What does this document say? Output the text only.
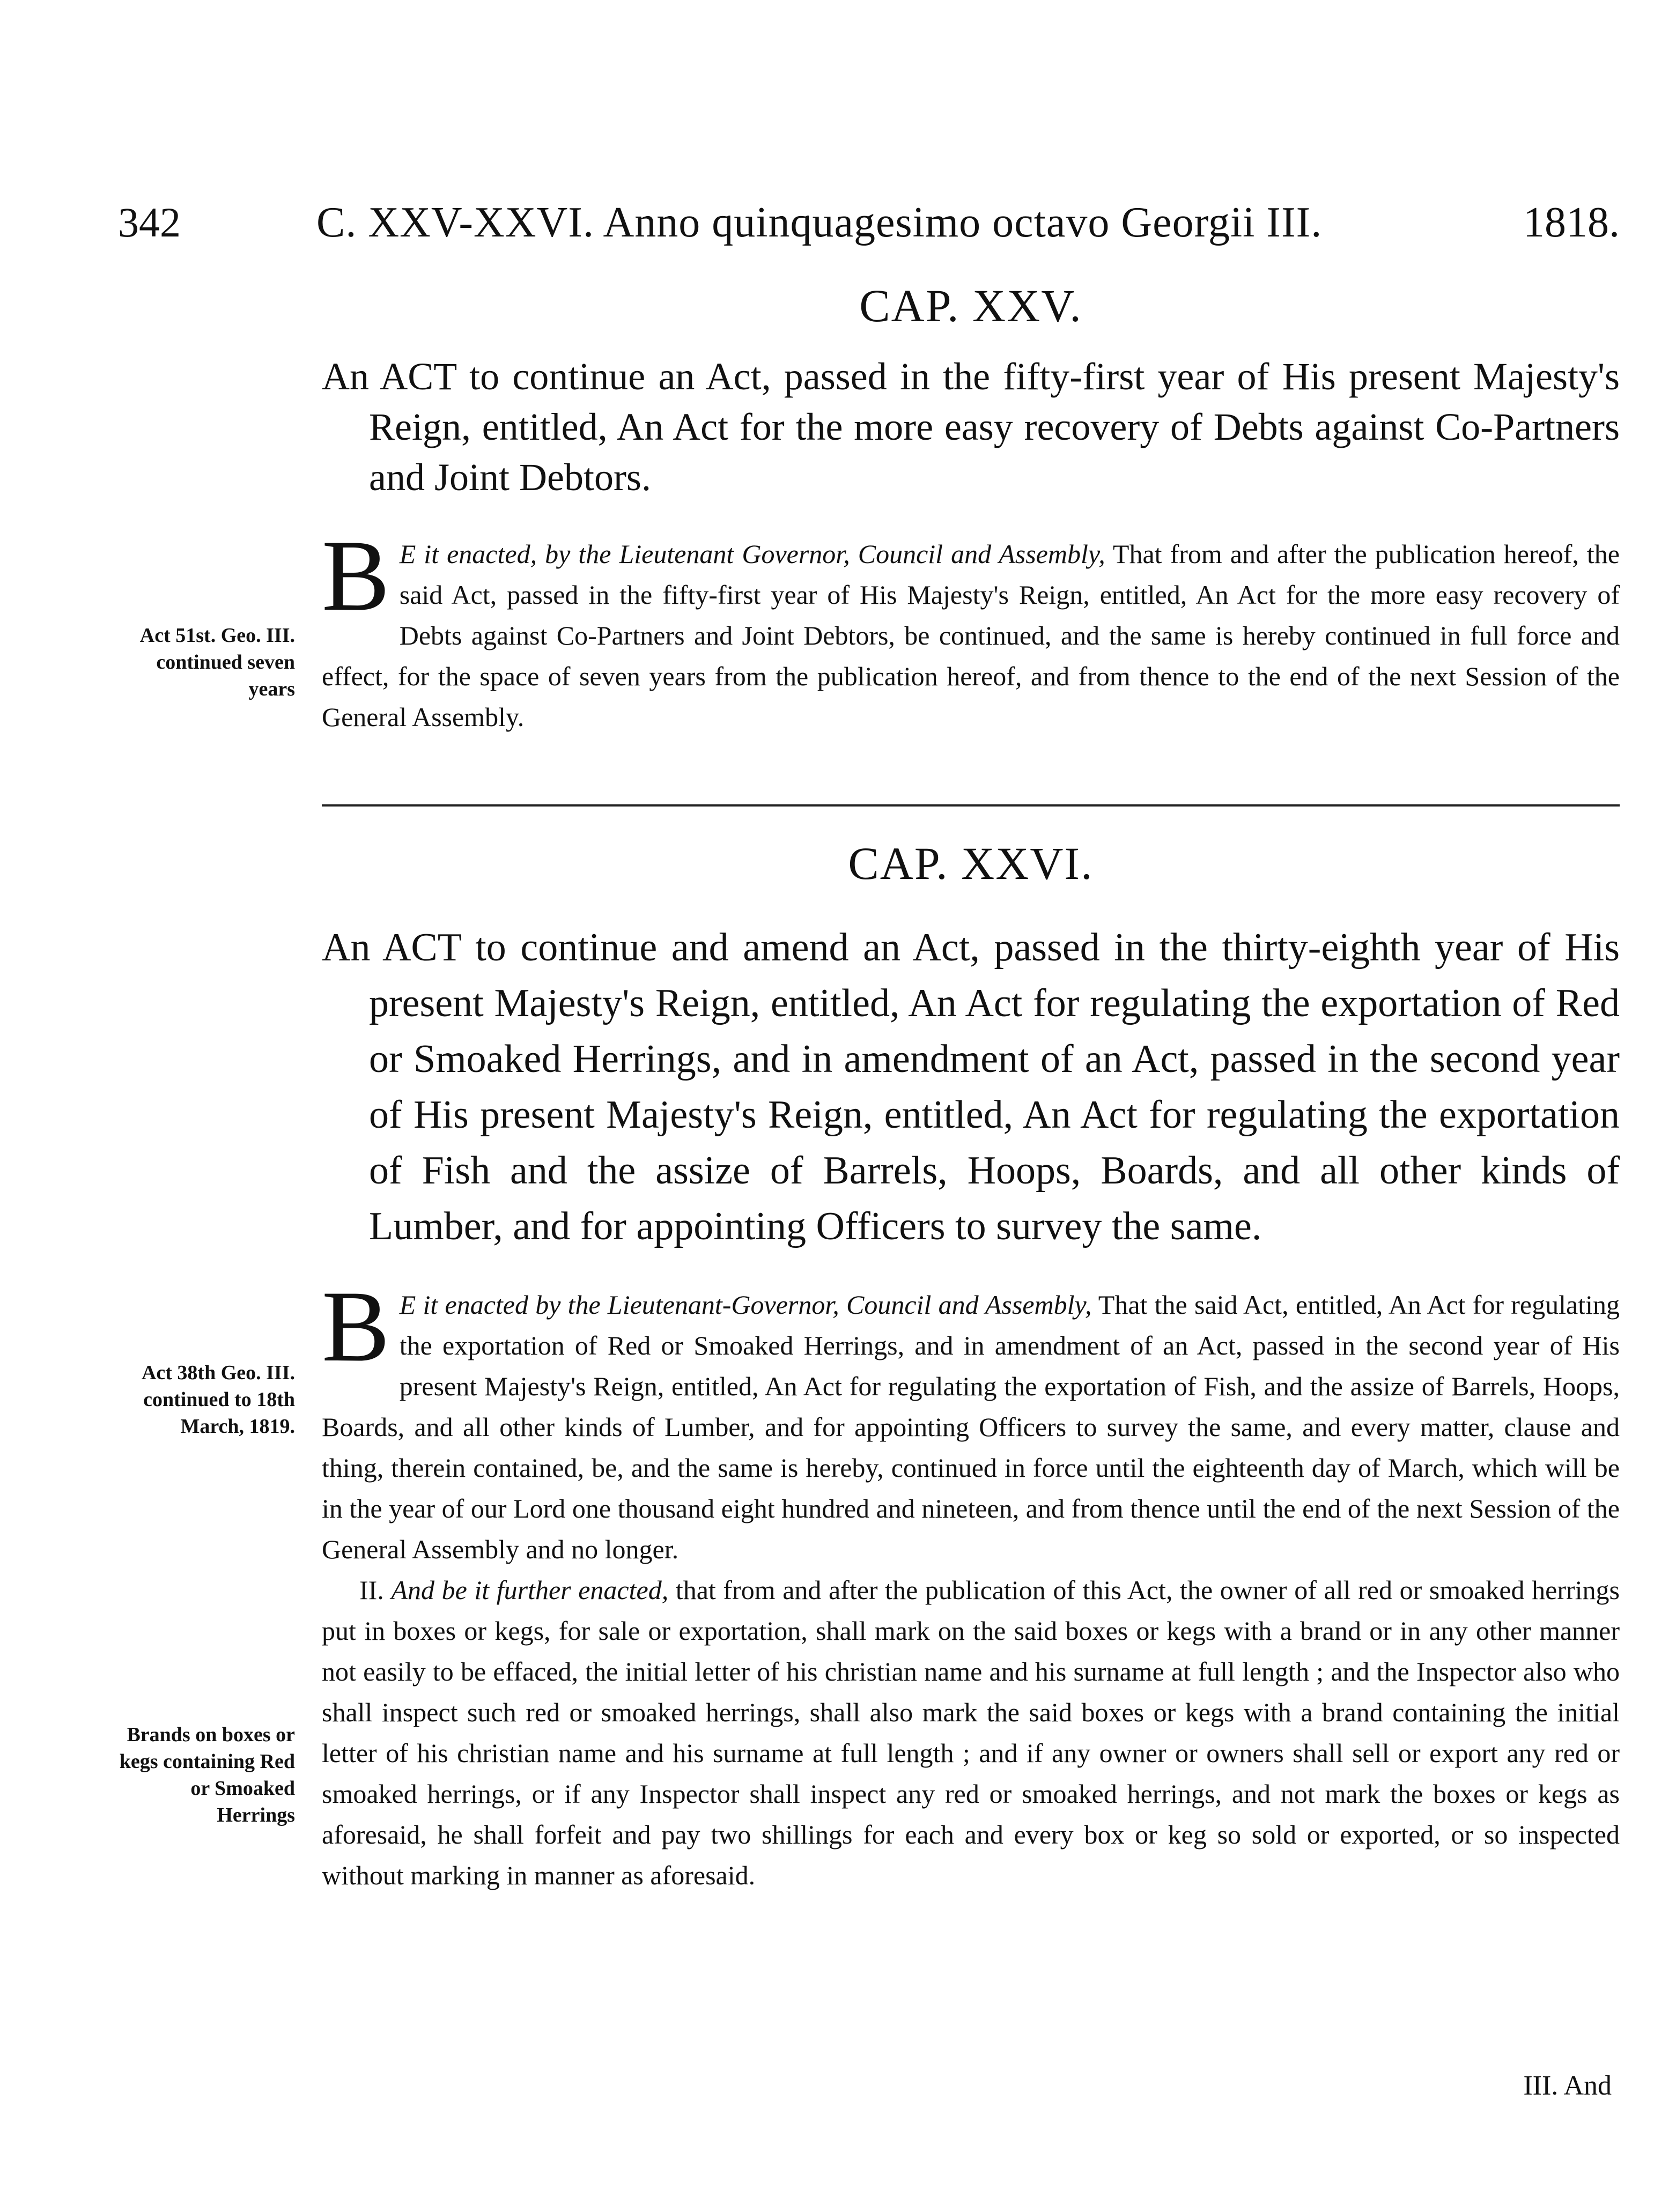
342	C. XXV-XXVI. Anno quinquagesimo octavo Georgii III.	1818.
CAP. XXV.
An ACT to continue an Act, passed in the fifty-first year of His present Majesty's Reign, entitled, An Act for the more easy recovery of Debts against Co-Partners and Joint Debtors.
B E it enacted, by the Lieutenant Governor, Council and Assembly, That from and after the publication hereof, the said Act, passed in the fifty-first year of His Majesty's Reign, entitled, An Act for the more easy recovery of Debts against Co-Partners and Joint Debtors, be continued, and the same is hereby continued in full force and effect, for the space of seven years from the publication hereof, and from thence to the end of the next Session of the General Assembly.
Act 51st. Geo. III. continued seven years
CAP. XXVI.
An ACT to continue and amend an Act, passed in the thirty-eighth year of His present Majesty's Reign, entitled, An Act for regulating the exportation of Red or Smoaked Herrings, and in amendment of an Act, passed in the second year of His present Majesty's Reign, entitled, An Act for regulating the exportation of Fish and the assize of Barrels, Hoops, Boards, and all other kinds of Lumber, and for appointing Officers to survey the same.
B E it enacted by the Lieutenant-Governor, Council and Assembly, That the said Act, entitled, An Act for regulating the exportation of Red or Smoaked Herrings, and in amendment of an Act, passed in the second year of His present Majesty's Reign, entitled, An Act for regulating the exportation of Fish, and the assize of Barrels, Hoops, Boards, and all other kinds of Lumber, and for appointing Officers to survey the same, and every matter, clause and thing, therein contained, be, and the same is hereby, continued in force until the eighteenth day of March, which will be in the year of our Lord one thousand eight hundred and nineteen, and from thence until the end of the next Session of the General Assembly and no longer.
II. And be it further enacted, that from and after the publication of this Act, the owner of all red or smoaked herrings put in boxes or kegs, for sale or exportation, shall mark on the said boxes or kegs with a brand or in any other manner not easily to be effaced, the initial letter of his christian name and his surname at full length ; and the Inspector also who shall inspect such red or smoaked herrings, shall also mark the said boxes or kegs with a brand containing the initial letter of his christian name and his surname at full length ; and if any owner or owners shall sell or export any red or smoaked herrings, or if any Inspector shall inspect any red or smoaked herrings, and not mark the boxes or kegs as aforesaid, he shall forfeit and pay two shillings for each and every box or keg so sold or exported, or so inspected without marking in manner as aforesaid.
Act 38th Geo. III. continued to 18th March, 1819.
Brands on boxes or kegs containing Red or Smoaked Herrings
III. And
